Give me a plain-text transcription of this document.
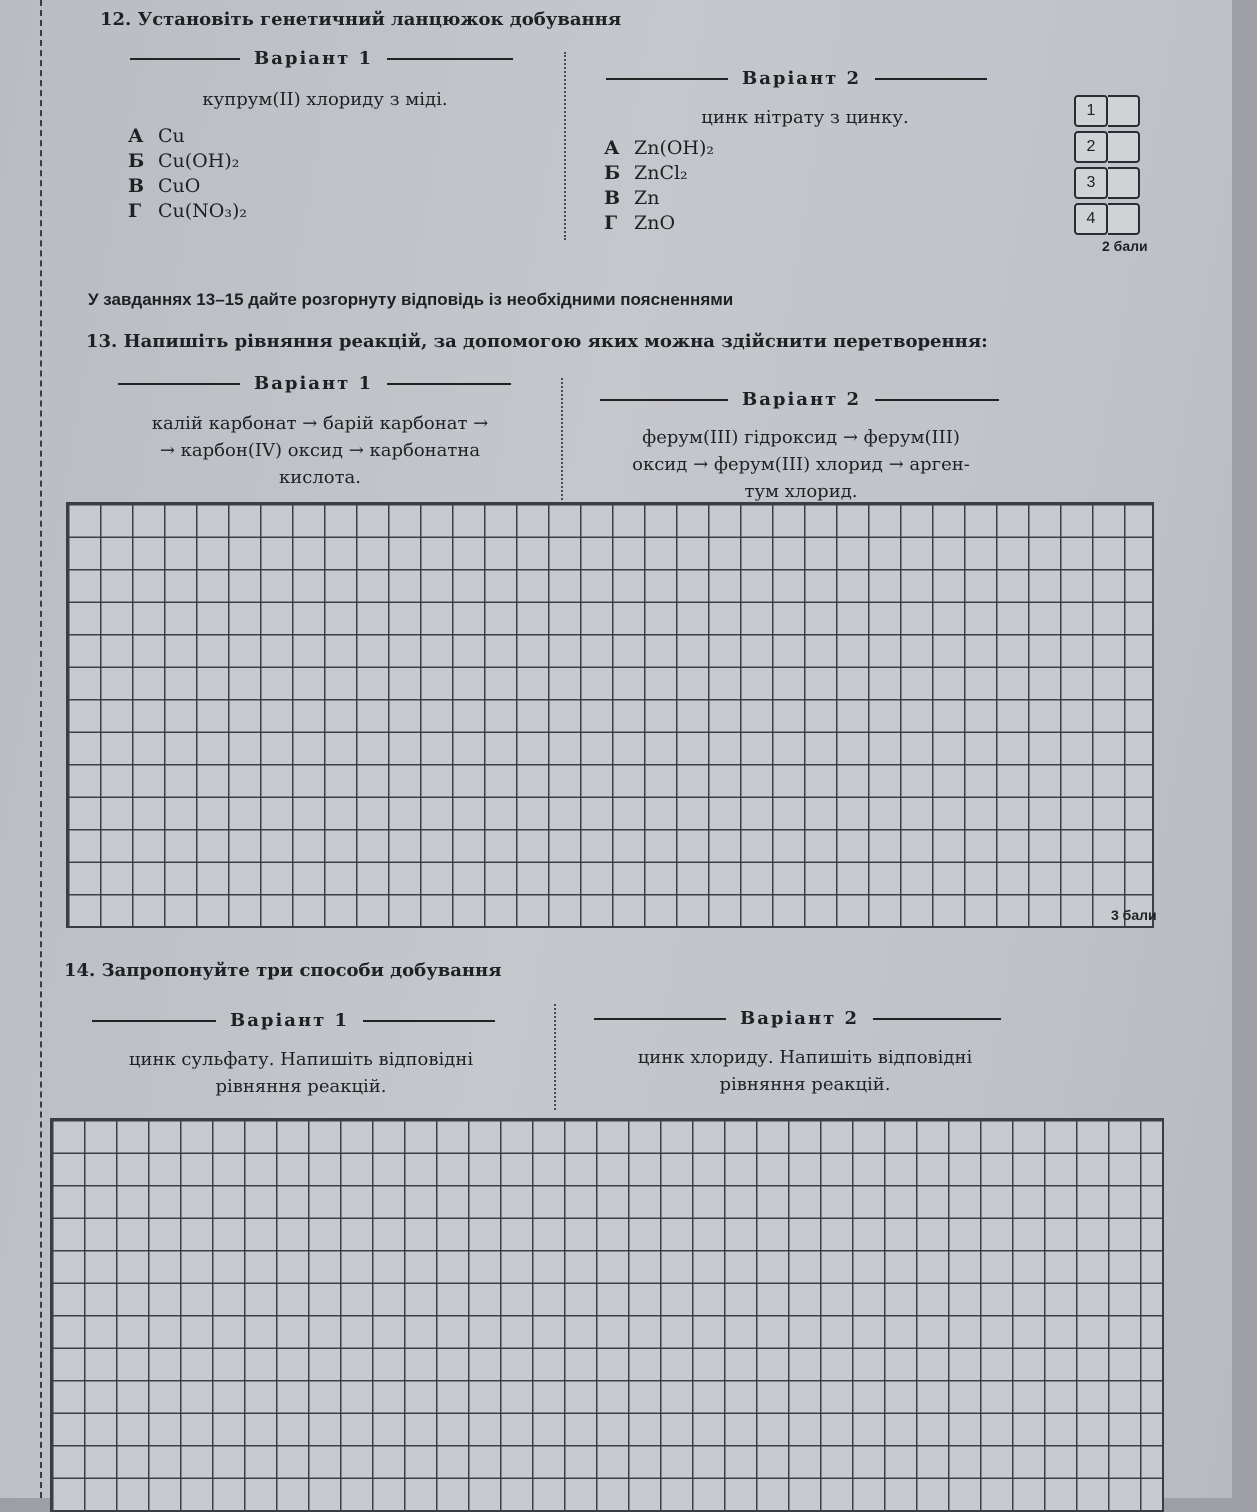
12. Установіть генетичний ланцюжок добування
Варіант 1
купрум(II) хлориду з міді.
А Cu
Б Cu(OH)₂
В CuO
Г Cu(NO₃)₂
Варіант 2
цинк нітрату з цинку.
А Zn(OH)₂
Б ZnCl₂
В Zn
Г ZnO
1
2
3
4
2 бали
У завданнях 13–15 дайте розгорнуту відповідь із необхідними поясненнями
13. Напишіть рівняння реакцій, за допомогою яких можна здійснити перетворення:
Варіант 1
калій карбонат → барій карбонат →
→ карбон(IV) оксид → карбонатна
кислота.
Варіант 2
ферум(III) гідроксид → ферум(III)
оксид → ферум(III) хлорид → арген-
тум хлорид.
3 бали
14. Запропонуйте три способи добування
Варіант 1
цинк сульфату. Напишіть відповідні
рівняння реакцій.
Варіант 2
цинк хлориду. Напишіть відповідні
рівняння реакцій.
